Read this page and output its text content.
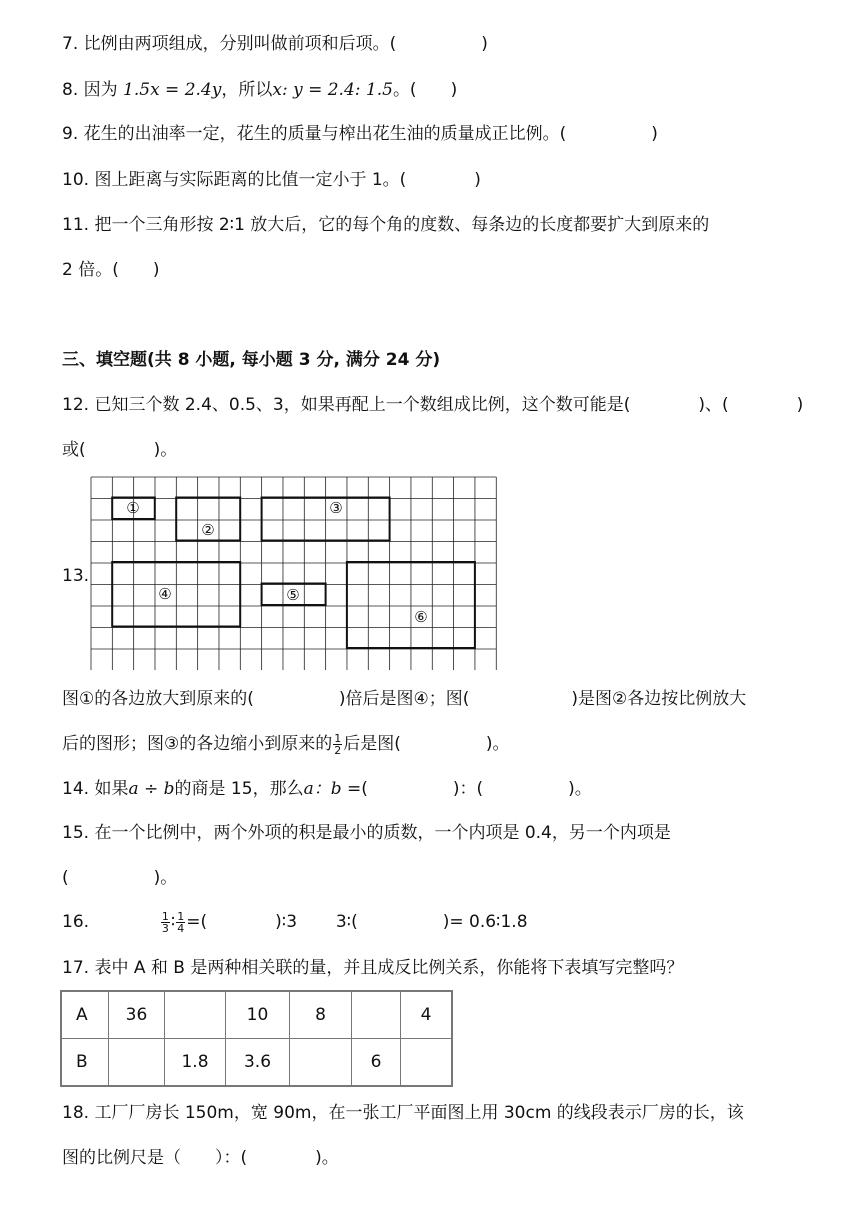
7. 比例由两项组成，分别叫做前项和后项。(　　　　　)
8. 因为 1.5x = 2.4y，所以x: y = 2.4: 1.5。(　　)
9. 花生的出油率一定，花生的质量与榨出花生油的质量成正比例。(　　　　　)
10. 图上距离与实际距离的比值一定小于 1。(　　　　)
11. 把一个三角形按 2∶1 放大后，它的每个角的度数、每条边的长度都要扩大到原来的
2 倍。(　　)
三、填空题(共 8 小题, 每小题 3 分, 满分 24 分)
12. 已知三个数 2.4、0.5、3，如果再配上一个数组成比例，这个数可能是(　　　　)、(　　　　)
或(　　　　)。
13.
①
②
③
④	⑤
⑥
图①的各边放大到原来的(　　　　　)倍后是图④；图(　　　　　　)是图②各边按比例放大
后的图形；图③的各边缩小到原来的 $\frac{1}{2}$ 后是图(　　　　　)。
14. 如果a ÷ b的商是 15，那么a：b =(　　　　　)：(　　　　　)。
15. 在一个比例中，两个外项的积是最小的质数，一个内项是 0.4，另一个内项是
(　　　　　)。
16.	$\frac{1}{3}$ ∶ $\frac{1}{4}$ =(　　　　)∶3 3∶(　　　　　)= 0.6∶1.8
17. 表中 A 和 B 是两种相关联的量，并且成反比例关系，你能将下表填写完整吗？
A	36		10	8		4
B		1.8	3.6		6	
18. 工厂厂房长 150m，宽 90m，在一张工厂平面图上用 30cm 的线段表示厂房的长，该
图的比例尺是（　　）：(　　　　)。
